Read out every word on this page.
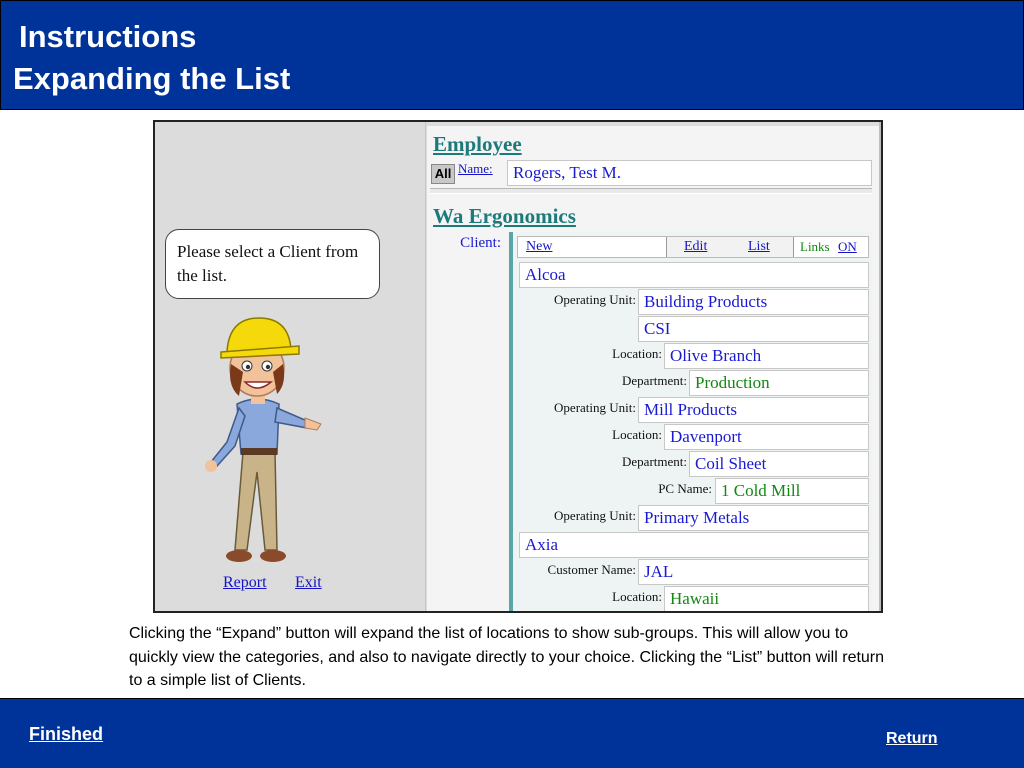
Instructions
Expanding the List
Please select a Client from the list.
Report Exit
Employee
All Name:	Rogers, Test M.
Wa Ergonomics
Client: New	Edit	List Links ON
Alcoa
Operating Unit: Building Products
CSI
Location: Olive Branch
Department: Production
Operating Unit: Mill Products
Location: Davenport
Department: Coil Sheet
PC Name: 1 Cold Mill
Operating Unit: Primary Metals
Axia
Customer Name: JAL
Location: Hawaii
Clicking the “Expand” button will expand the list of locations to show sub-groups. This will allow you to quickly view the categories, and also to navigate directly to your choice. Clicking the “List” button will return to a simple list of Clients.
Finished	Return
